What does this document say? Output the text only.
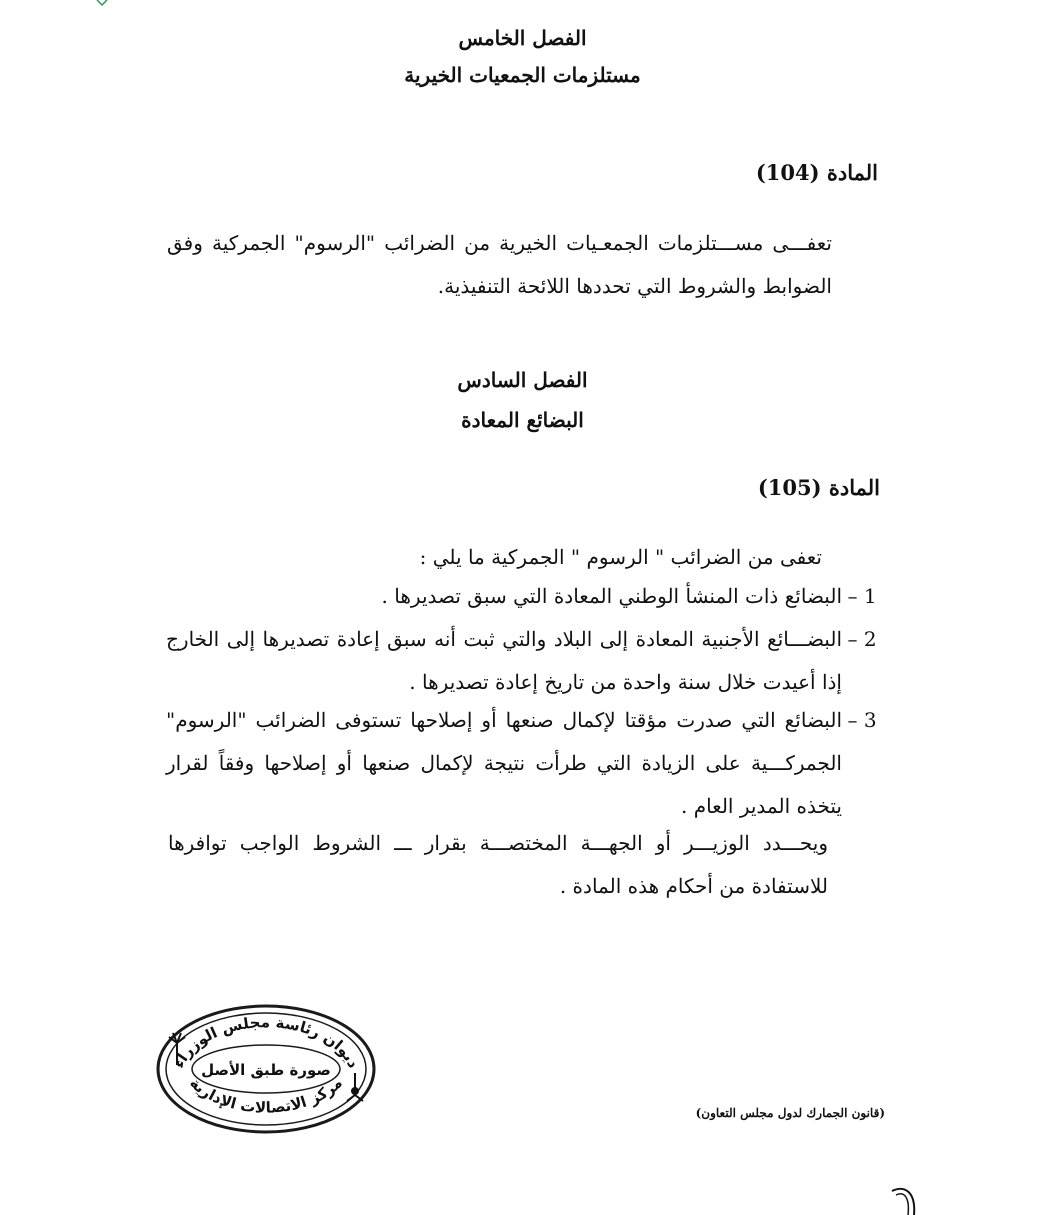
الفصل الخامس
مستلزمات الجمعيات الخيرية
المادة (104)
تعفـــى مســـتلزمات الجمعـيات الخيرية من الضرائب "الرسوم" الجمركية وفق الضوابط والشروط التي تحددها اللائحة التنفيذية.
الفصل السادس
البضائع المعادة
المادة (105)
تعفى من الضرائب " الرسوم " الجمركية ما يلي :
1 –
البضائع ذات المنشأ الوطني المعادة التي سبق تصديرها .
2 –
البضـــائع الأجنبية المعادة إلى البلاد والتي ثبت أنه سبق إعادة تصديرها إلى الخارج إذا أعيدت خلال سنة واحدة من تاريخ إعادة تصديرها .
3 –
البضائع التي صدرت مؤقتا لإكمال صنعها أو إصلاحها تستوفى الضرائب "الرسوم" الجمركـــية على الزيادة التي طرأت نتيجة لإكمال صنعها أو إصلاحها وفقاً لقرار يتخذه المدير العام .
ويحـــدد الوزيـــر أو الجهـــة المختصـــة بقرار ـــ الشروط الواجب توافرها للاستفادة من أحكام هذه المادة .
ديوان رئاسة مجلس الوزراء
صورة طبق الأصل
مركز الاتصالات الإدارية
(قانون الجمارك لدول مجلس التعاون)
